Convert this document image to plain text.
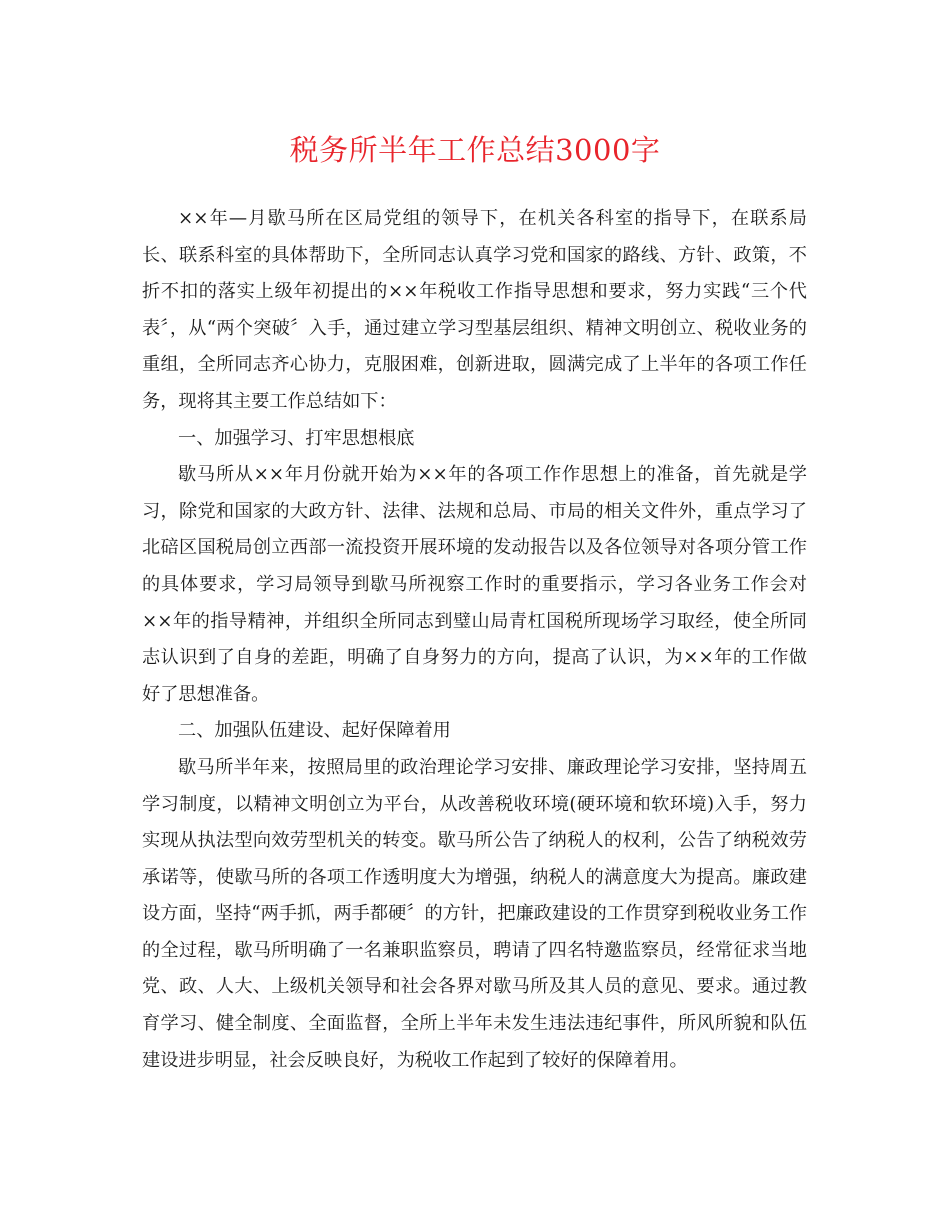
税务所半年工作总结3000字

××年—月歇马所在区局党组的领导下，在机关各科室的指导下，在联系局长、联系科室的具体帮助下，全所同志认真学习党和国家的路线、方针、政策，不折不扣的落实上级年初提出的××年税收工作指导思想和要求，努力实践“三个代表〞，从“两个突破〞入手，通过建立学习型基层组织、精神文明创立、税收业务的重组，全所同志齐心协力，克服困难，创新进取，圆满完成了上半年的各项工作任务，现将其主要工作总结如下：

一、加强学习、打牢思想根底

歇马所从××年月份就开始为××年的各项工作作思想上的准备，首先就是学习，除党和国家的大政方针、法律、法规和总局、市局的相关文件外，重点学习了北碚区国税局创立西部一流投资开展环境的发动报告以及各位领导对各项分管工作的具体要求，学习局领导到歇马所视察工作时的重要指示，学习各业务工作会对××年的指导精神，并组织全所同志到璧山局青杠国税所现场学习取经，使全所同志认识到了自身的差距，明确了自身努力的方向，提高了认识，为××年的工作做好了思想准备。

二、加强队伍建设、起好保障着用

歇马所半年来，按照局里的政治理论学习安排、廉政理论学习安排，坚持周五学习制度，以精神文明创立为平台，从改善税收环境(硬环境和软环境)入手，努力实现从执法型向效劳型机关的转变。歇马所公告了纳税人的权利，公告了纳税效劳承诺等，使歇马所的各项工作透明度大为增强，纳税人的满意度大为提高。廉政建设方面，坚持“两手抓，两手都硬〞的方针，把廉政建设的工作贯穿到税收业务工作的全过程，歇马所明确了一名兼职监察员，聘请了四名特邀监察员，经常征求当地党、政、人大、上级机关领导和社会各界对歇马所及其人员的意见、要求。通过教育学习、健全制度、全面监督，全所上半年未发生违法违纪事件，所风所貌和队伍建设进步明显，社会反映良好，为税收工作起到了较好的保障着用。
